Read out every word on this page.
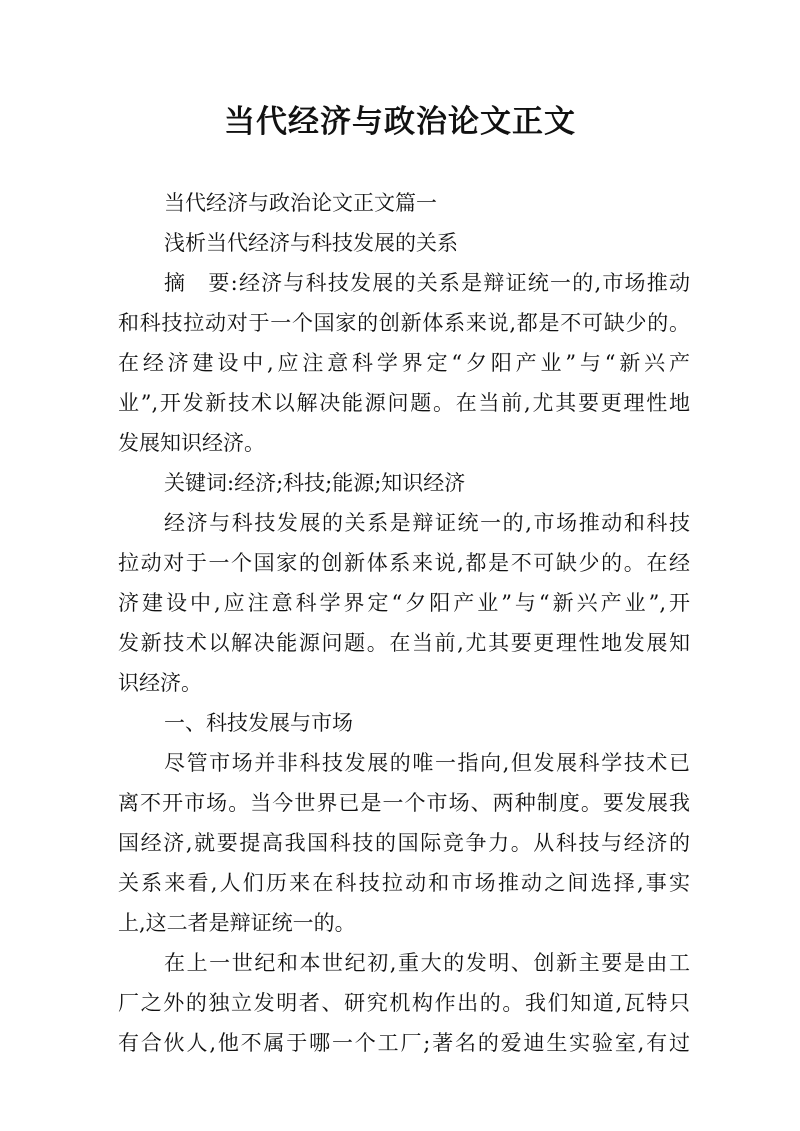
当代经济与政治论文正文
当代经济与政治论文正文篇一
浅析当代经济与科技发展的关系
摘　要:经济与科技发展的关系是辩证统一的,市场推动
和科技拉动对于一个国家的创新体系来说,都是不可缺少的。
在经济建设中,应注意科学界定“夕阳产业”与“新兴产
业”,开发新技术以解决能源问题。在当前,尤其要更理性地
发展知识经济。
关键词:经济;科技;能源;知识经济
经济与科技发展的关系是辩证统一的,市场推动和科技
拉动对于一个国家的创新体系来说,都是不可缺少的。在经
济建设中,应注意科学界定“夕阳产业”与“新兴产业”,开
发新技术以解决能源问题。在当前,尤其要更理性地发展知
识经济。
一、科技发展与市场
尽管市场并非科技发展的唯一指向,但发展科学技术已
离不开市场。当今世界已是一个市场、两种制度。要发展我
国经济,就要提高我国科技的国际竞争力。从科技与经济的
关系来看,人们历来在科技拉动和市场推动之间选择,事实
上,这二者是辩证统一的。
在上一世纪和本世纪初,重大的发明、创新主要是由工
厂之外的独立发明者、研究机构作出的。我们知道,瓦特只
有合伙人,他不属于哪一个工厂;著名的爱迪生实验室,有过
